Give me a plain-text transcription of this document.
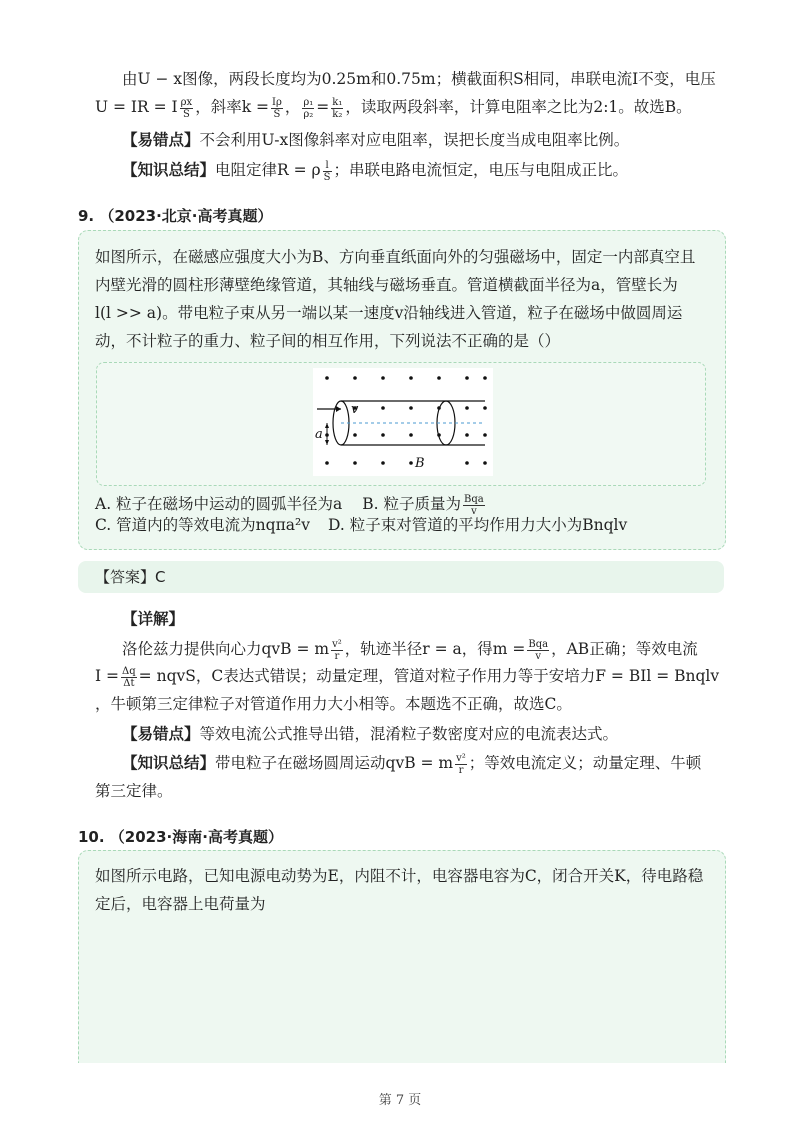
由U − x图像，两段长度均为0.25m和0.75m；横截面积S相同，串联电流I不变，电压
U = IR = I $\frac{\rho x}{S}$ ，斜率$k = \frac{I\rho}{S}$ ， $\frac{\text{ρ₁}}{\text{ρ₂}} = \frac{\text{k₁}}{\text{k₂}}$ ，读取两段斜率，计算电阻率之比为2:1。故选B。
【易错点】不会利用U-x图像斜率对应电阻率，误把长度当成电阻率比例。
【知识总结】电阻定律R = ρ $\frac{l}{S}$ ；串联电路电流恒定，电压与电阻成正比。
9. （2023·北京·高考真题）
如图所示，在磁感应强度大小为B、方向垂直纸面向外的匀强磁场中，固定一内部真空且
内壁光滑的圆柱形薄壁绝缘管道，其轴线与磁场垂直。管道横截面半径为a，管壁长为
l(l >> a)。带电粒子束从另一端以某一速度v沿轴线进入管道，粒子在磁场中做圆周运
动，不计粒子的重力、粒子间的相互作用，下列说法不正确的是（）
v
a
B
A. 粒子在磁场中运动的圆弧半径为a B. 粒子质量为 $\frac{\text{Bqa}}{v}$
C. 管道内的等效电流为nqπa²v D. 粒子束对管道的平均作用力大小为Bnqlv
【答案】C
【详解】
洛伦兹力提供向心力qvB = m $\frac{\text{v²}}{r}$ ，轨迹半径r = a，得$m = \frac{\text{Bqa}}{v}$ ，AB正确；等效电流
$I = \frac{\Delta q}{\Delta t}$ = nqvS，C表达式错误；动量定理，管道对粒子作用力等于安培力F = BIl = Bnqlv
，牛顿第三定律粒子对管道作用力大小相等。本题选不正确，故选C。
【易错点】等效电流公式推导出错，混淆粒子数密度对应的电流表达式。
【知识总结】带电粒子在磁场圆周运动qvB = m $\frac{\text{v²}}{r}$ ；等效电流定义；动量定理、牛顿
第三定律。
10. （2023·海南·高考真题）
如图所示电路，已知电源电动势为E，内阻不计，电容器电容为C，闭合开关K，待电路稳
定后，电容器上电荷量为
第 7 页
